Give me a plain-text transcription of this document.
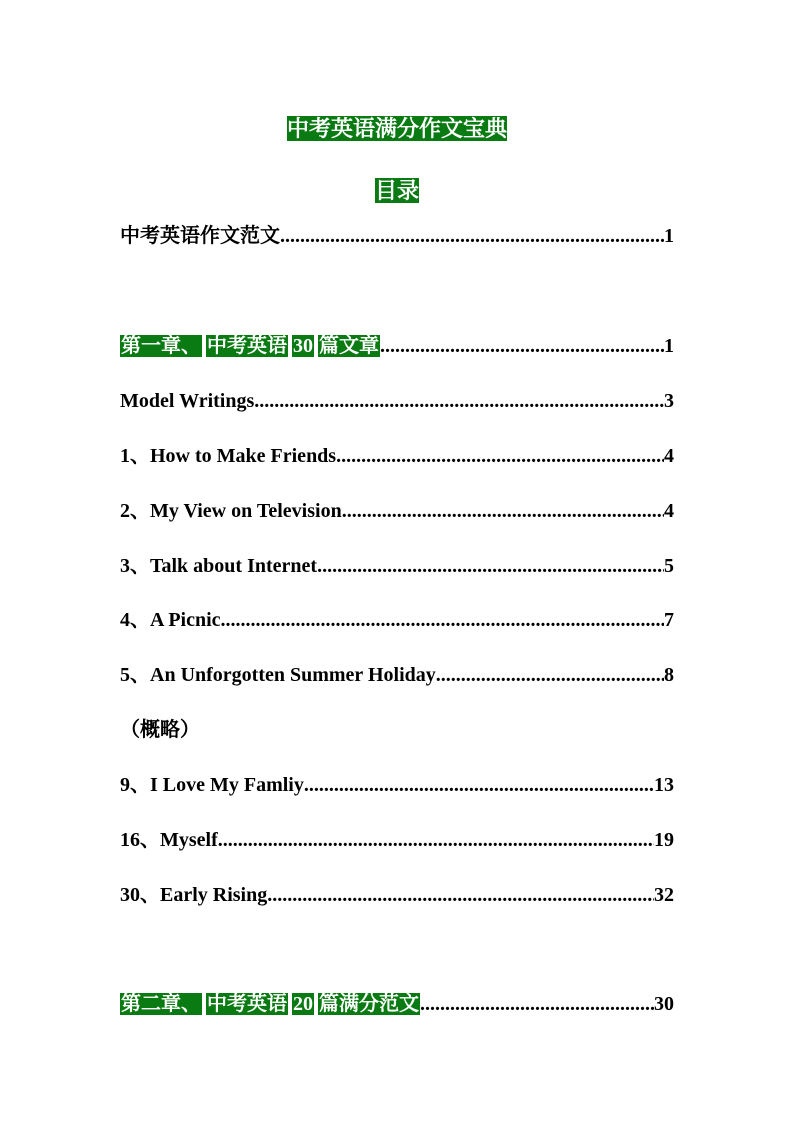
中考英语满分作文宝典
目录
中考英语作文范文 .....	1
第一章、 中考英语 30 篇文章 .....	1
Model Writings .....	3
1、How to Make Friends .....	4
2、My View on Television .....	4
3、Talk about Internet .....	5
4、A Picnic .....	7
5、An Unforgotten Summer Holiday .....	8
（概略）
9、I Love My Famliy .....	13
16、Myself .....	19
30、Early Rising .....	32
第二章、 中考英语 20 篇满分范文 .....	30
